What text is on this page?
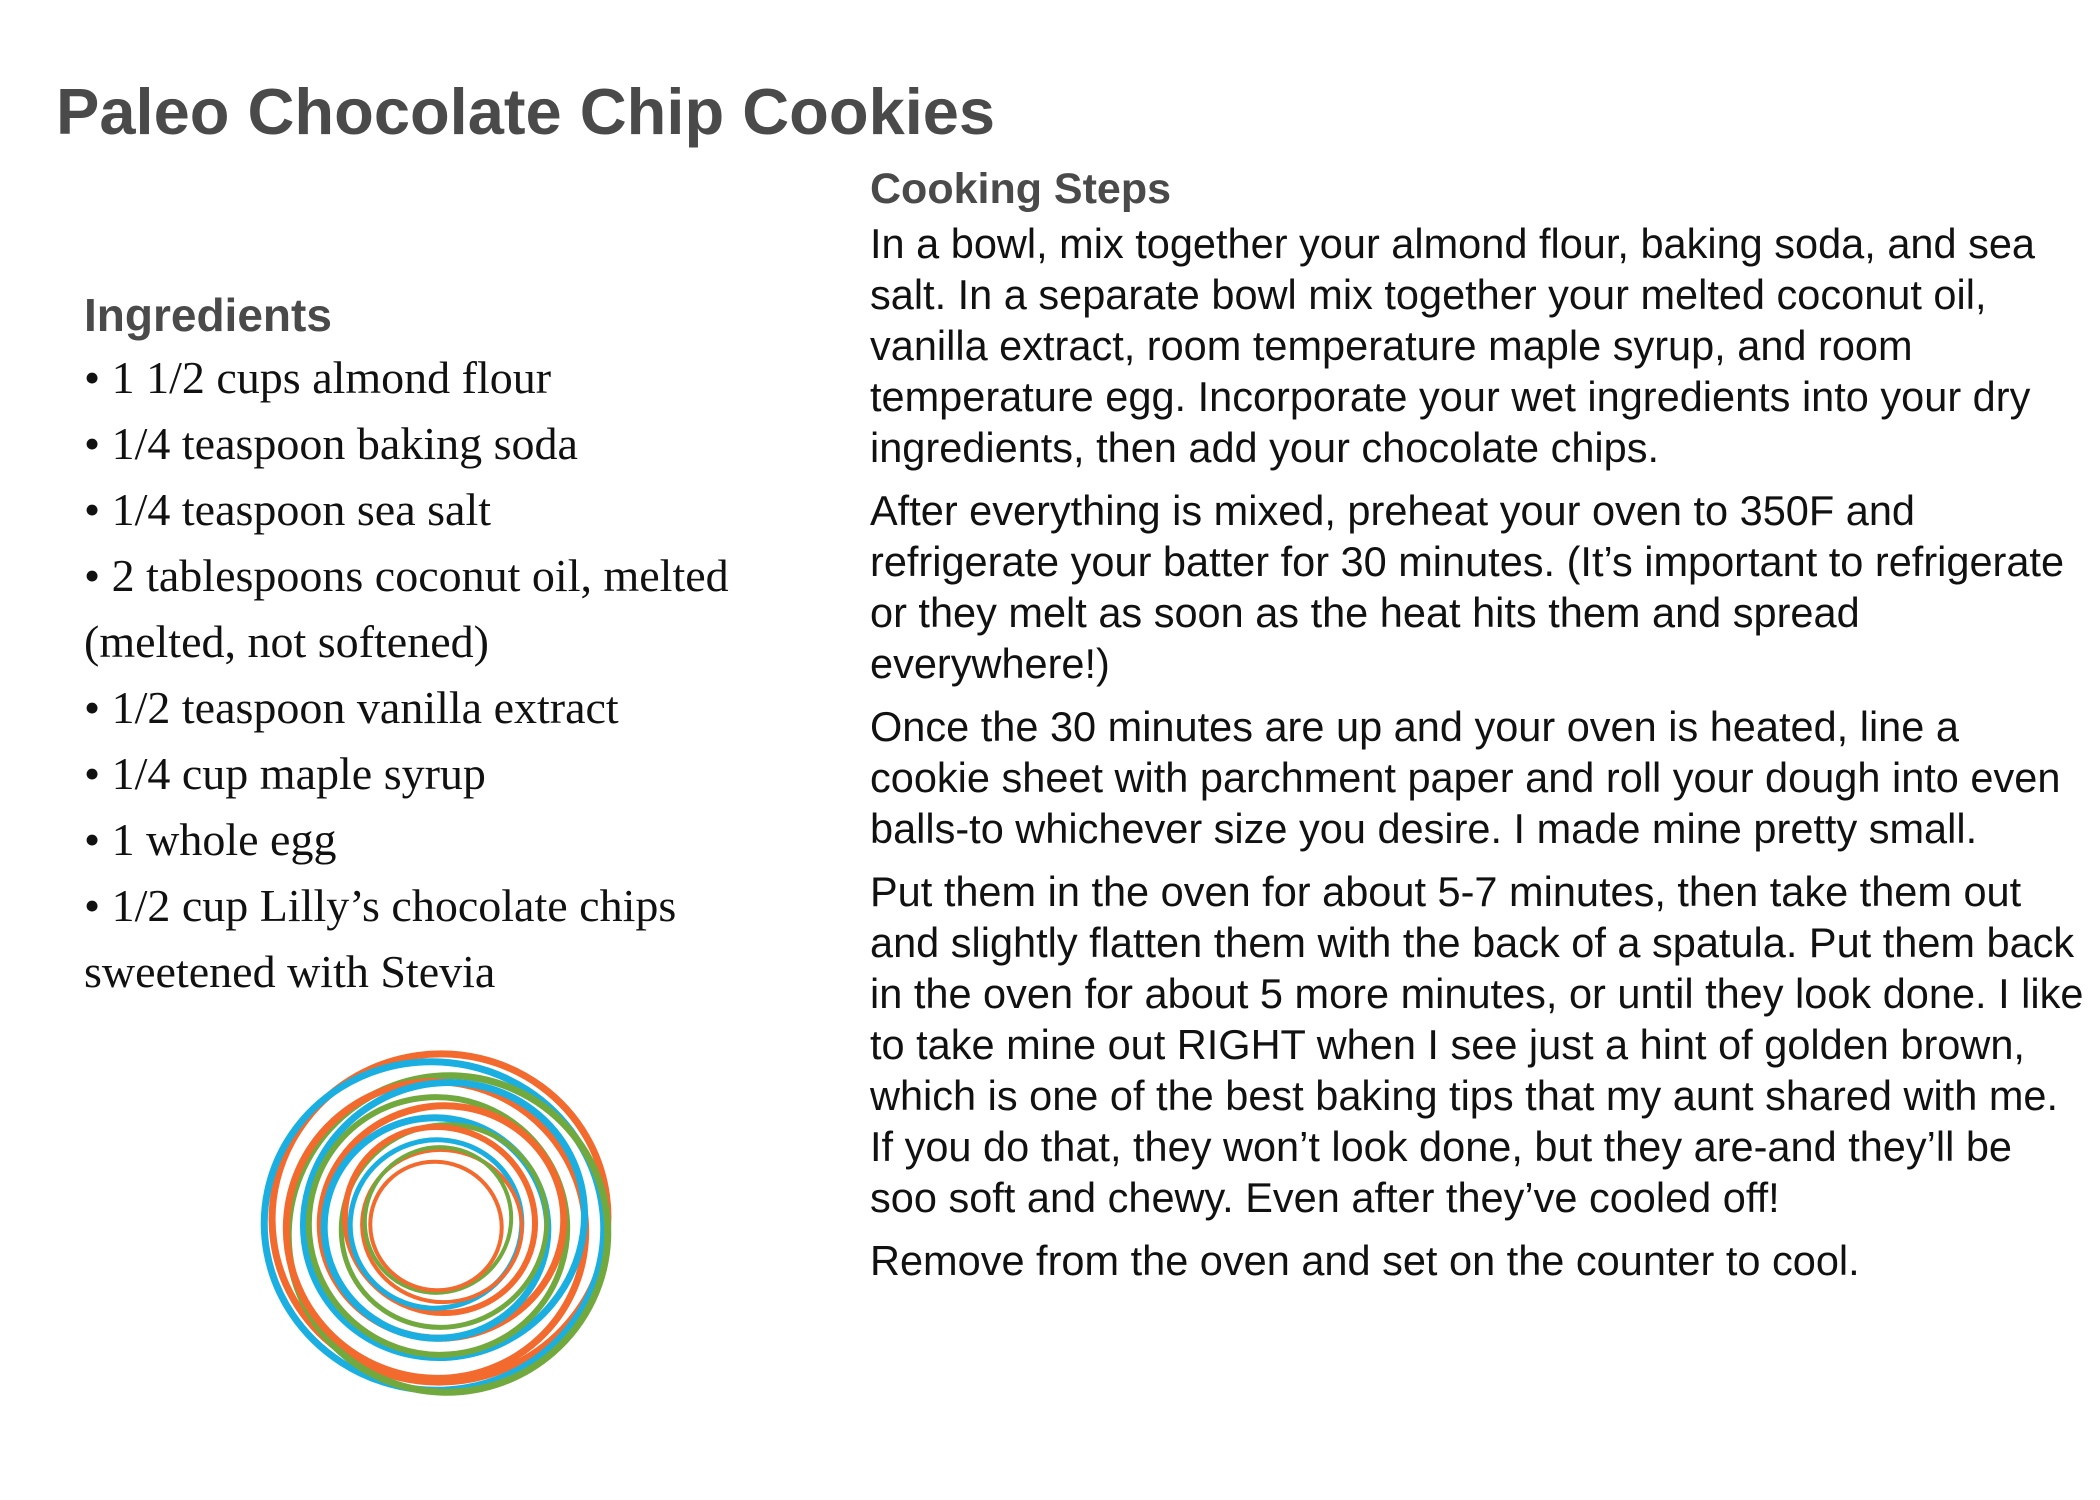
Paleo Chocolate Chip Cookies
Ingredients
• 1 1/2 cups almond flour
• 1/4 teaspoon baking soda
• 1/4 teaspoon sea salt
• 2 tablespoons coconut oil, melted (melted, not softened)
• 1/2 teaspoon vanilla extract
• 1/4 cup maple syrup
• 1 whole egg
• 1/2 cup Lilly’s chocolate chips sweetened with Stevia
Cooking Steps

In a bowl, mix together your almond flour, baking soda, and sea salt. In a separate bowl mix together your melted coconut oil, vanilla extract, room temperature maple syrup, and room temperature egg. Incorporate your wet ingredients into your dry ingredients, then add your chocolate chips.

After everything is mixed, preheat your oven to 350F and refrigerate your batter for 30 minutes. (It’s important to refrigerate or they melt as soon as the heat hits them and spread everywhere!)

Once the 30 minutes are up and your oven is heated, line a cookie sheet with parchment paper and roll your dough into even balls-to whichever size you desire. I made mine pretty small.

Put them in the oven for about 5-7 minutes, then take them out and slightly flatten them with the back of a spatula. Put them back in the oven for about 5 more minutes, or until they look done. I like to take mine out RIGHT when I see just a hint of golden brown, which is one of the best baking tips that my aunt shared with me. If you do that, they won’t look done, but they are-and they’ll be soo soft and chewy. Even after they’ve cooled off!

Remove from the oven and set on the counter to cool.
